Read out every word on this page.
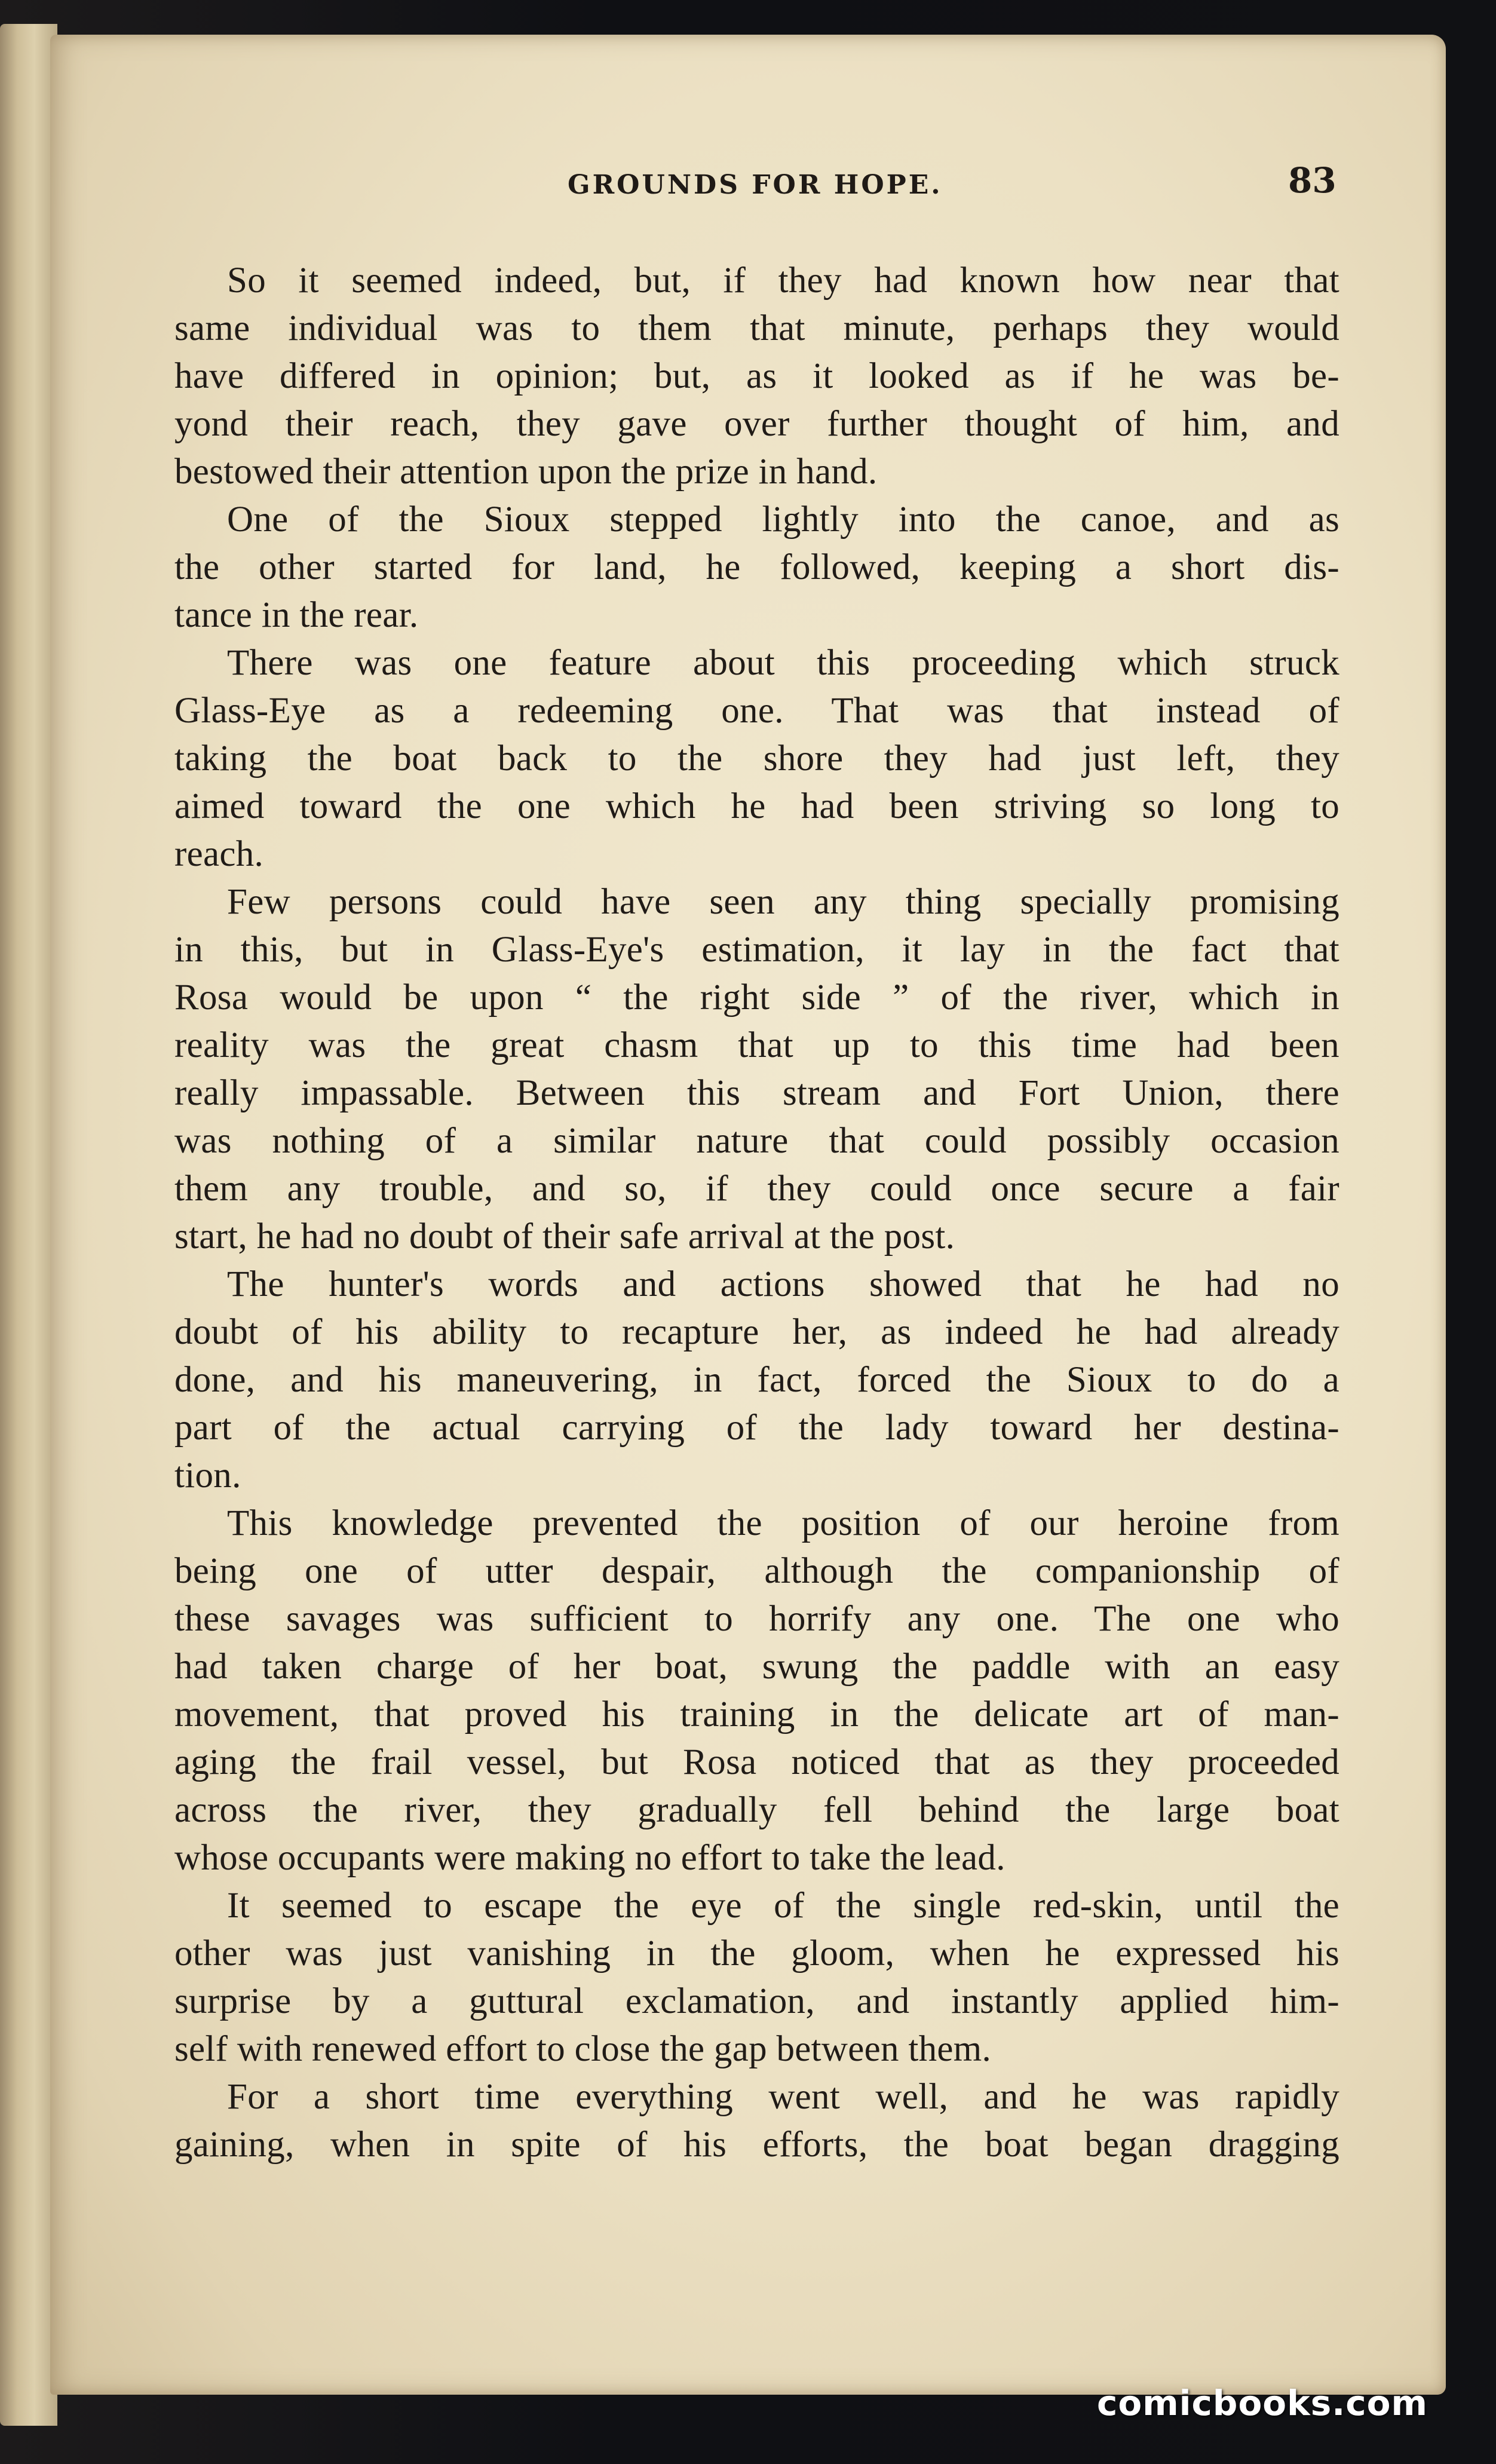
GROUNDS FOR HOPE.	83
So it seemed indeed, but, if they had known how near that
same individual was to them that minute, perhaps they would
have differed in opinion; but, as it looked as if he was be-
yond their reach, they gave over further thought of him, and
bestowed their attention upon the prize in hand.
One of the Sioux stepped lightly into the canoe, and as
the other started for land, he followed, keeping a short dis-
tance in the rear.
There was one feature about this proceeding which struck
Glass-Eye as a redeeming one. That was that instead of
taking the boat back to the shore they had just left, they
aimed toward the one which he had been striving so long to
reach.
Few persons could have seen any thing specially promising
in this, but in Glass-Eye's estimation, it lay in the fact that
Rosa would be upon “ the right side ” of the river, which in
reality was the great chasm that up to this time had been
really impassable. Between this stream and Fort Union, there
was nothing of a similar nature that could possibly occasion
them any trouble, and so, if they could once secure a fair
start, he had no doubt of their safe arrival at the post.
The hunter's words and actions showed that he had no
doubt of his ability to recapture her, as indeed he had already
done, and his maneuvering, in fact, forced the Sioux to do a
part of the actual carrying of the lady toward her destina-
tion.
This knowledge prevented the position of our heroine from
being one of utter despair, although the companionship of
these savages was sufficient to horrify any one. The one who
had taken charge of her boat, swung the paddle with an easy
movement, that proved his training in the delicate art of man-
aging the frail vessel, but Rosa noticed that as they proceeded
across the river, they gradually fell behind the large boat
whose occupants were making no effort to take the lead.
It seemed to escape the eye of the single red-skin, until the
other was just vanishing in the gloom, when he expressed his
surprise by a guttural exclamation, and instantly applied him-
self with renewed effort to close the gap between them.
For a short time everything went well, and he was rapidly
gaining, when in spite of his efforts, the boat began dragging
comicbooks.com
